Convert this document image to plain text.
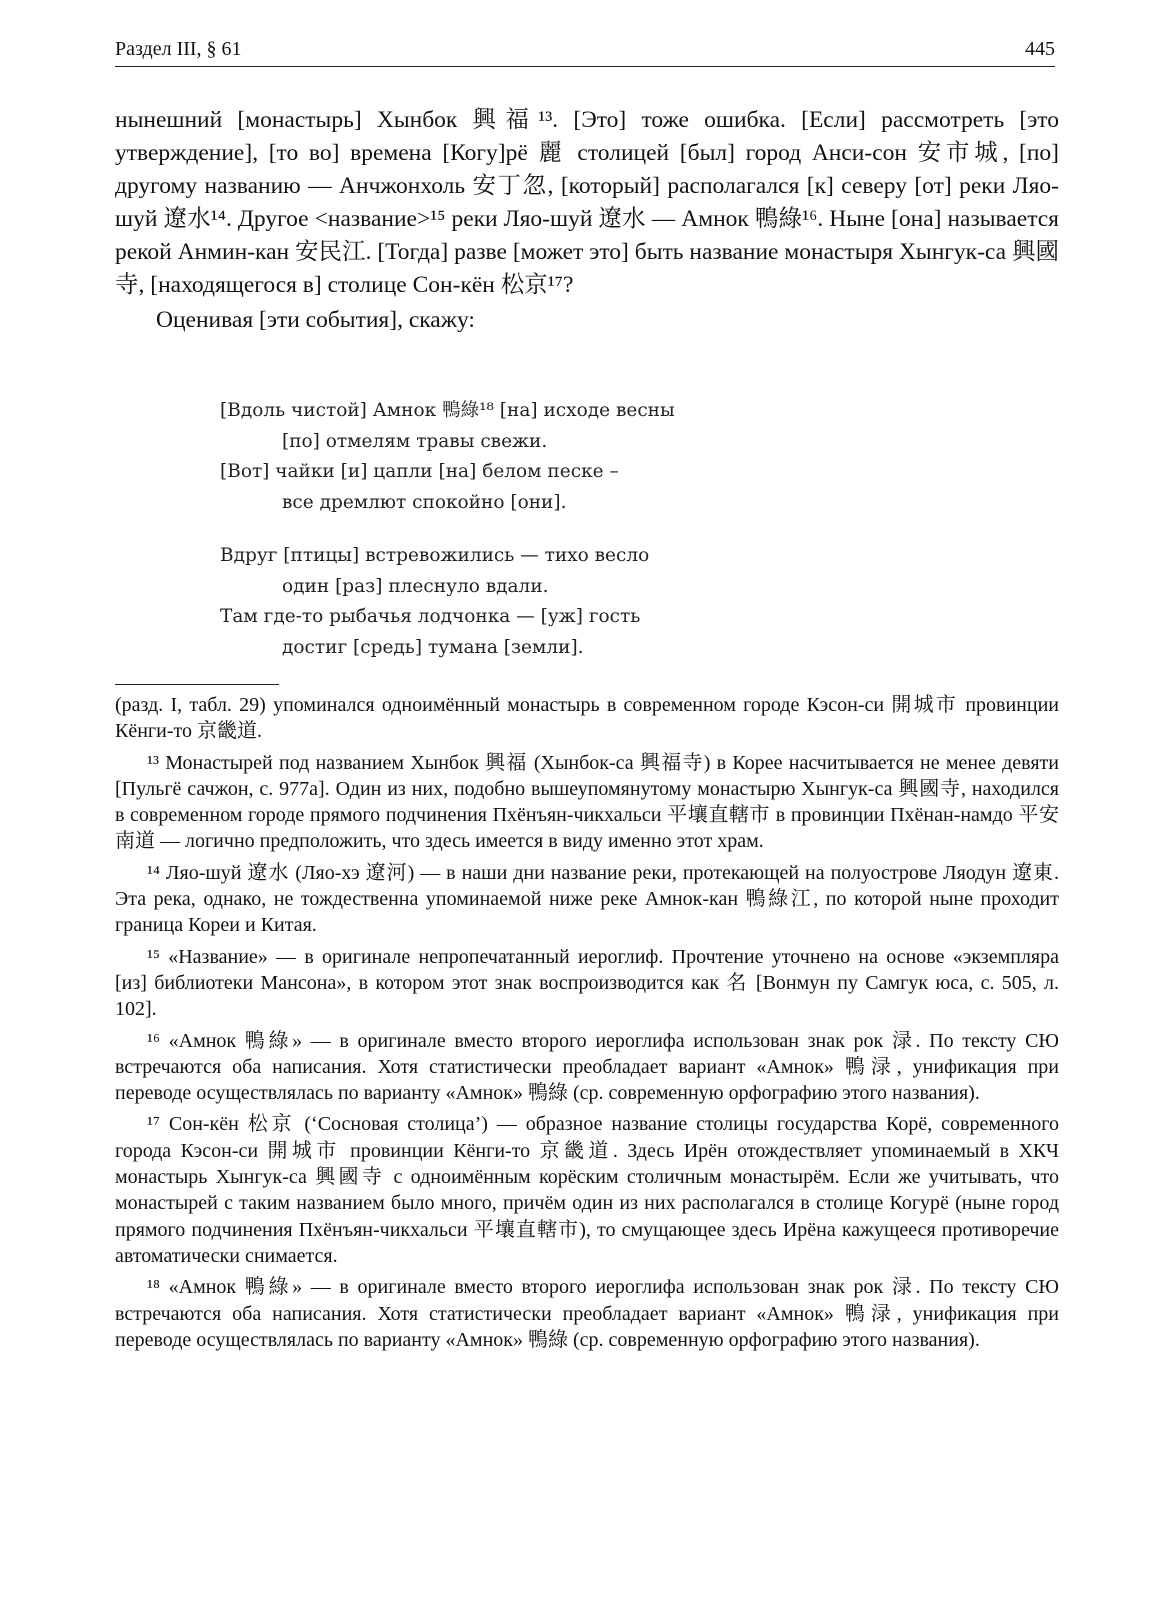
Раздел III, § 61	445

нынешний [монастырь] Хынбок 興福¹³. [Это] тоже ошибка. [Если] рассмотреть [это утверждение], [то во] времена [Когу]рё 麗 столицей [был] город Анси-сон 安市城, [по] другому названию — Анчжонхоль 安丁忽, [который] располагался [к] северу [от] реки Ляо-шуй 遼水¹⁴. Другое <название>¹⁵ реки Ляо-шуй 遼水 — Амнок 鴨綠¹⁶. Ныне [она] называется рекой Анмин-кан 安民江. [Тогда] разве [может это] быть название монастыря Хынгук-са 興國寺, [находящегося в] столице Сон-кён 松京¹⁷?

Оценивая [эти события], скажу:

[Вдоль чистой] Амнок 鴨綠¹⁸ [на] исходе весны
[по] отмелям травы свежи.
[Вот] чайки [и] цапли [на] белом песке –
все дремлют спокойно [они].
Вдруг [птицы] встревожились — тихо весло
один [раз] плеснуло вдали.
Там где-то рыбачья лодчонка — [уж] гость
достиг [средь] тумана [земли].

(разд. I, табл. 29) упоминался одноимённый монастырь в современном городе Кэсон-си 開城市 провинции Кёнги-то 京畿道.

¹³ Монастырей под названием Хынбок 興福 (Хынбок-са 興福寺) в Корее насчитывается не менее девяти [Пульгё сачжон, с. 977а]. Один из них, подобно вышеупомянутому монастырю Хынгук-са 興國寺, находился в современном городе прямого подчинения Пхёнъян-чикхальси 平壤直轄市 в провинции Пхёнан-намдо 平安南道 — логично предположить, что здесь имеется в виду именно этот храм.

¹⁴ Ляо-шуй 遼水 (Ляо-хэ 遼河) — в наши дни название реки, протекающей на полуострове Ляодун 遼東. Эта река, однако, не тождественна упоминаемой ниже реке Амнок-кан 鴨綠江, по которой ныне проходит граница Кореи и Китая.

¹⁵ «Название» — в оригинале непропечатанный иероглиф. Прочтение уточнено на основе «экземпляра [из] библиотеки Мансона», в котором этот знак воспроизводится как 名 [Вонмун пу Самгук юса, с. 505, л. 102].

¹⁶ «Амнок 鴨綠» — в оригинале вместо второго иероглифа использован знак рок 渌. По тексту СЮ встречаются оба написания. Хотя статистически преобладает вариант «Амнок» 鴨渌, унификация при переводе осуществлялась по варианту «Амнок» 鴨綠 (ср. современную орфографию этого названия).

¹⁷ Сон-кён 松京 (‘Сосновая столица’) — образное название столицы государства Корё, современного города Кэсон-си 開城市 провинции Кёнги-то 京畿道. Здесь Ирён отождествляет упоминаемый в ХКЧ монастырь Хынгук-са 興國寺 с одноимённым корёским столичным монастырём. Если же учитывать, что монастырей с таким названием было много, причём один из них располагался в столице Когурё (ныне город прямого подчинения Пхёнъян-чикхальси 平壤直轄市), то смущающее здесь Ирёна кажущееся противоречие автоматически снимается.

¹⁸ «Амнок 鴨綠» — в оригинале вместо второго иероглифа использован знак рок 渌. По тексту СЮ встречаются оба написания. Хотя статистически преобладает вариант «Амнок» 鴨渌, унификация при переводе осуществлялась по варианту «Амнок» 鴨綠 (ср. современную орфографию этого названия).
